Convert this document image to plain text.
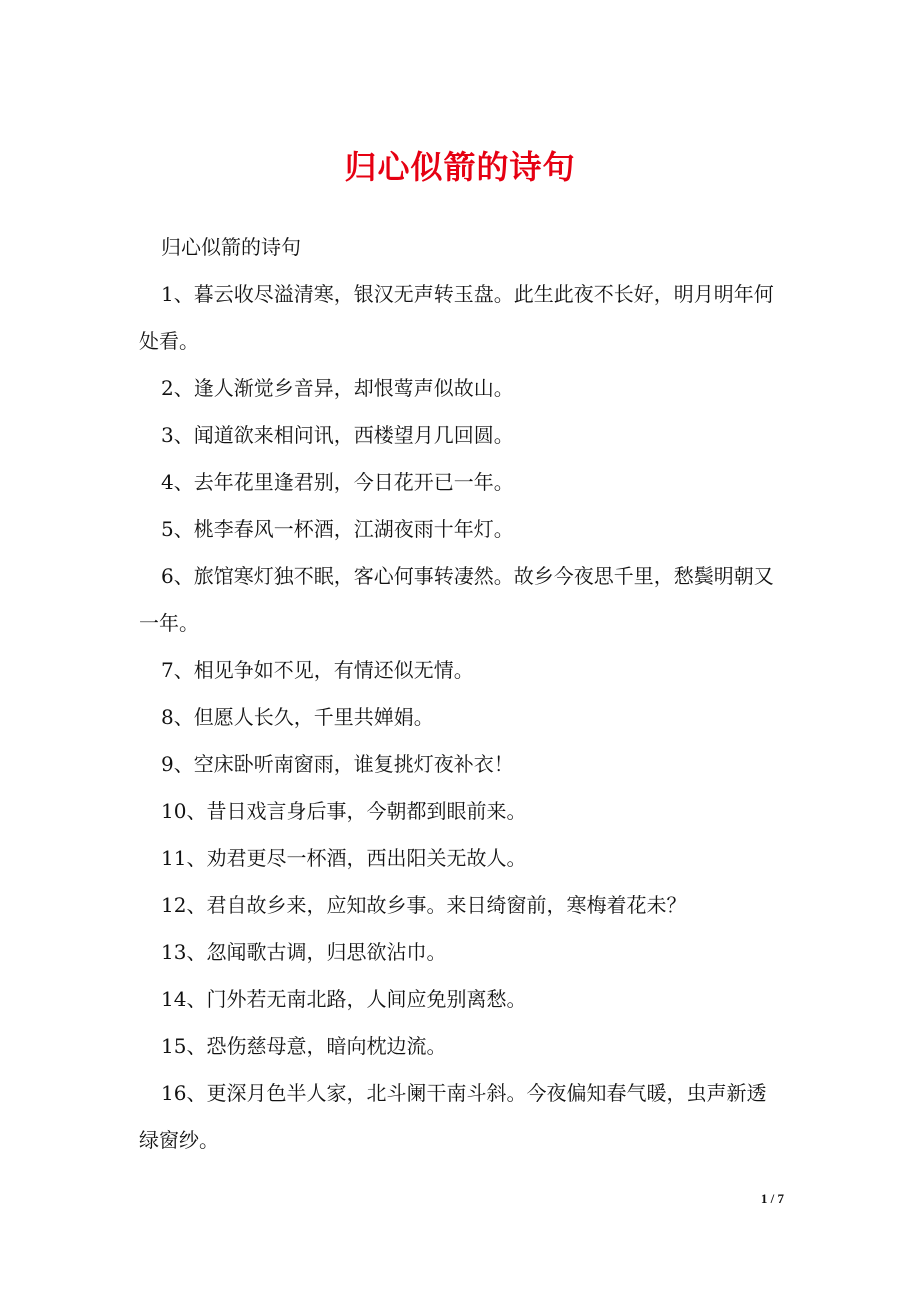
归心似箭的诗句

归心似箭的诗句

1、暮云收尽溢清寒，银汉无声转玉盘。此生此夜不长好，明月明年何处看。

2、逢人渐觉乡音异，却恨莺声似故山。

3、闻道欲来相问讯，西楼望月几回圆。

4、去年花里逢君别，今日花开已一年。

5、桃李春风一杯酒，江湖夜雨十年灯。

6、旅馆寒灯独不眠，客心何事转凄然。故乡今夜思千里，愁鬓明朝又一年。

7、相见争如不见，有情还似无情。

8、但愿人长久，千里共婵娟。

9、空床卧听南窗雨，谁复挑灯夜补衣！

10、昔日戏言身后事，今朝都到眼前来。

11、劝君更尽一杯酒，西出阳关无故人。

12、君自故乡来，应知故乡事。来日绮窗前，寒梅着花未？

13、忽闻歌古调，归思欲沾巾。

14、门外若无南北路，人间应免别离愁。

15、恐伤慈母意，暗向枕边流。

16、更深月色半人家，北斗阑干南斗斜。今夜偏知春气暖，虫声新透绿窗纱。

1 / 7
